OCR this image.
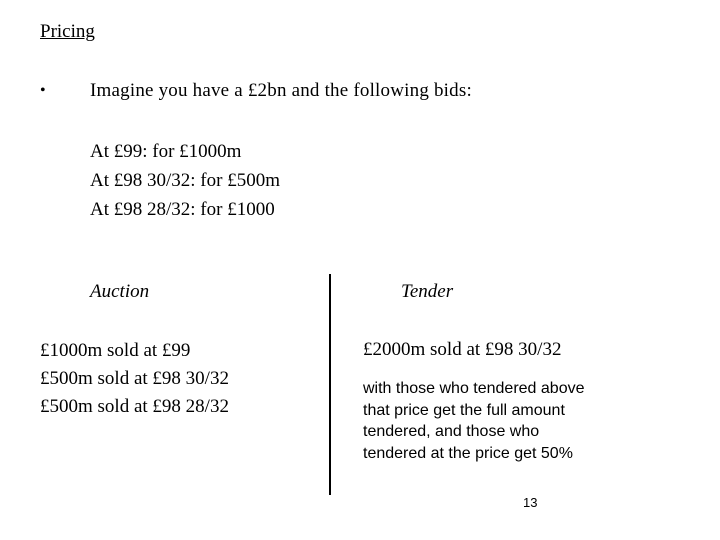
Pricing
• Imagine you have a £2bn and the following bids:
At £99: for £1000m
At £98 30/32: for £500m
At £98 28/32: for £1000
Auction	Tender
£1000m sold at £99
£500m sold at £98 30/32
£500m sold at £98 28/32
£2000m sold at £98 30/32
with those who tendered above that price get the full amount tendered, and those who tendered at the price get 50%
13
